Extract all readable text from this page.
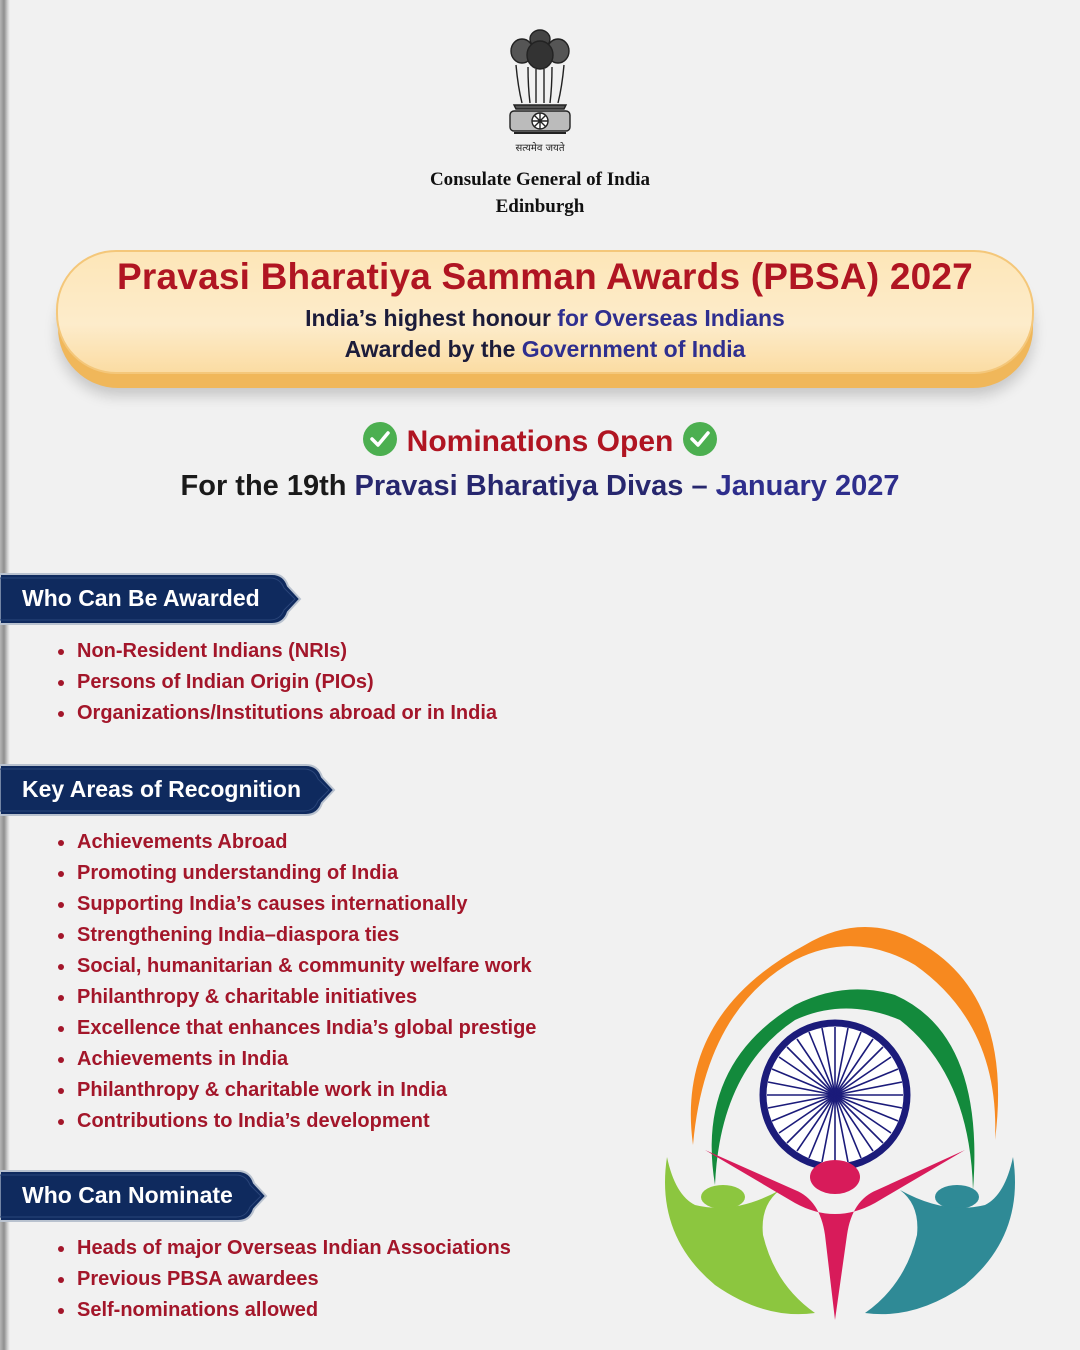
सत्यमेव जयते
Consulate General of India
Edinburgh
Pravasi Bharatiya Samman Awards (PBSA) 2027
India’s highest honour for Overseas Indians
Awarded by the Government of India
Nominations Open
For the 19th Pravasi Bharatiya Divas – January 2027
Who Can Be Awarded
Non-Resident Indians (NRIs)
Persons of Indian Origin (PIOs)
Organizations/Institutions abroad or in India
Key Areas of Recognition
Achievements Abroad
Promoting understanding of India
Supporting India’s causes internationally
Strengthening India–diaspora ties
Social, humanitarian & community welfare work
Philanthropy & charitable initiatives
Excellence that enhances India’s global prestige
Achievements in India
Philanthropy & charitable work in India
Contributions to India’s development
Who Can Nominate
Heads of major Overseas Indian Associations
Previous PBSA awardees
Self-nominations allowed
